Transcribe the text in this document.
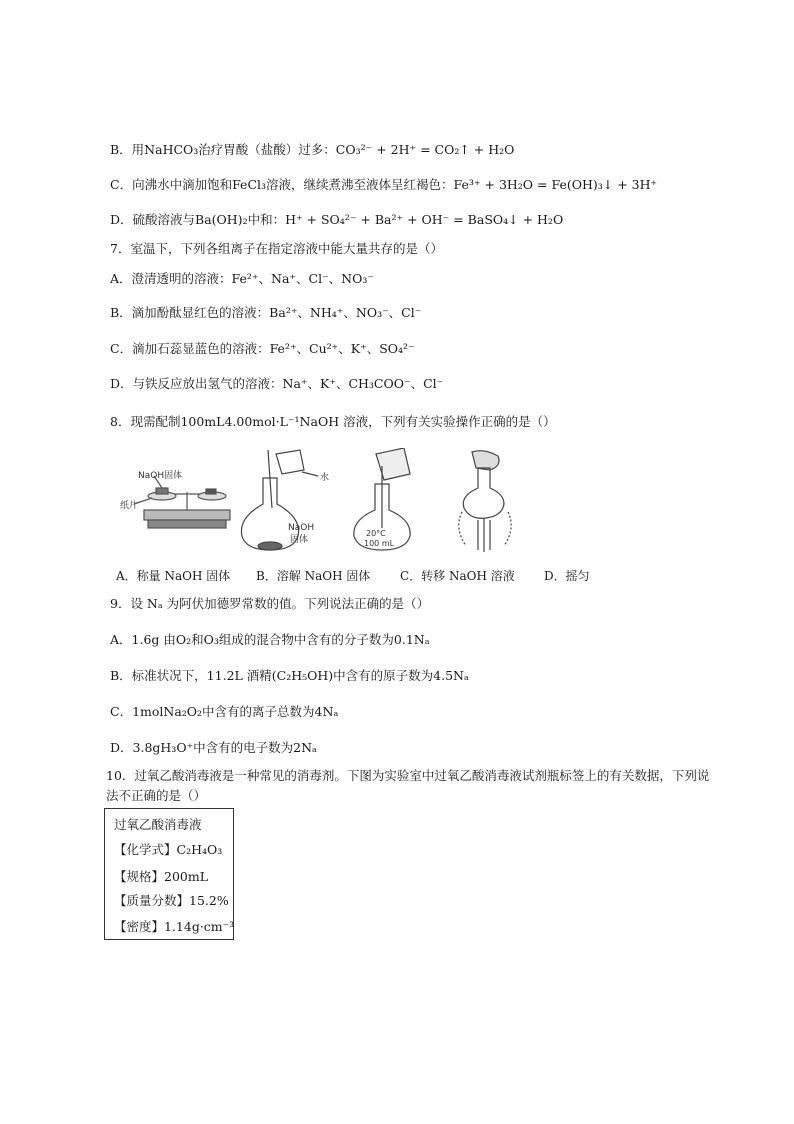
B．用NaHCO₃治疗胃酸（盐酸）过多：CO₃²⁻ + 2H⁺ = CO₂↑ + H₂O
C．向沸水中滴加饱和FeCl₃溶液，继续煮沸至液体呈红褐色：Fe³⁺ + 3H₂O = Fe(OH)₃↓ + 3H⁺
D．硫酸溶液与Ba(OH)₂中和：H⁺ + SO₄²⁻ + Ba²⁺ + OH⁻ = BaSO₄↓ + H₂O
7．室温下，下列各组离子在指定溶液中能大量共存的是（）
A．澄清透明的溶液：Fe²⁺、Na⁺、Cl⁻、NO₃⁻
B．滴加酚酞显红色的溶液：Ba²⁺、NH₄⁺、NO₃⁻、Cl⁻
C．滴加石蕊显蓝色的溶液：Fe²⁺、Cu²⁺、K⁺、SO₄²⁻
D．与铁反应放出氢气的溶液：Na⁺、K⁺、CH₃COO⁻、Cl⁻
8．现需配制100mL4.00mol·L⁻¹NaOH 溶液，下列有关实验操作正确的是（）
NaOH固体
纸片
水
NaOH
固体
20°C
100 mL
A．称量 NaOH 固体 B．溶解 NaOH 固体 C．转移 NaOH 溶液 D．摇匀
9．设 Nₐ 为阿伏加德罗常数的值。下列说法正确的是（）
A．1.6g 由O₂和O₃组成的混合物中含有的分子数为0.1Nₐ
B．标准状况下，11.2L 酒精(C₂H₅OH)中含有的原子数为4.5Nₐ
C．1molNa₂O₂中含有的离子总数为4Nₐ
D．3.8gH₃O⁺中含有的电子数为2Nₐ
10．过氧乙酸消毒液是一种常见的消毒剂。下图为实验室中过氧乙酸消毒液试剂瓶标签上的有关数据，下列说
法不正确的是（）
过氧乙酸消毒液
【化学式】C₂H₄O₃
【规格】200mL
【质量分数】15.2%
【密度】1.14g·cm⁻³
